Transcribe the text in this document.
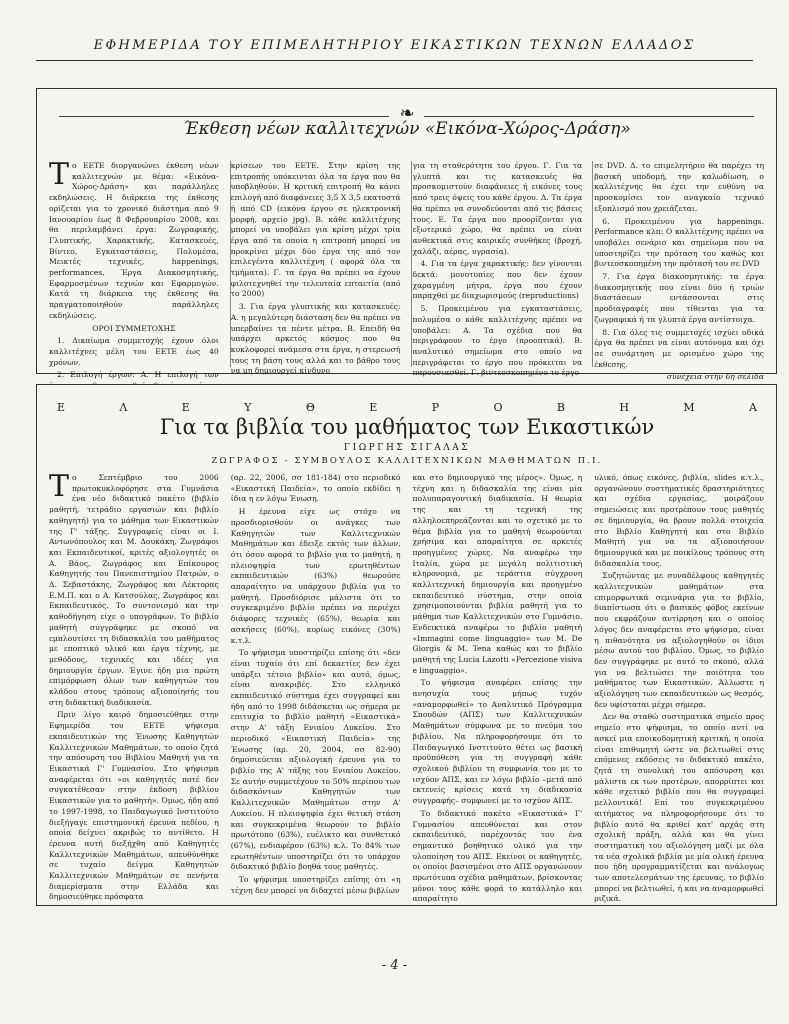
ΕΦΗΜΕΡΙΔΑ ΤΟΥ ΕΠΙΜΕΛΗΤΗΡΙΟΥ ΕΙΚΑΣΤΙΚΩΝ ΤΕΧΝΩΝ ΕΛΛΑΔΟΣ
❧
Έκθεση νέων καλλιτεχνών «Εικόνα-Χώρος-Δράση»

Το ΕΕΤΕ διοργανώνει έκθεση νέων καλλιτεχνών με θέμα: «Εικόνα-Χώρος-Δράση» και παράλληλες εκδηλώσεις. Η διάρκεια της έκθεσης ορίζεται για το χρονικό διάστημα από 9 Ιανουαρίου έως 8 Φεβρουαρίου 2008, και θα περιλαμβάνει έργα: Ζωγραφικής, Γλυπτικής, Χαρακτικής, Κατασκευές, Βίντεο, Εγκαταστάσεις, Πολυμέσα, Μεικτές τεχνικές, happenings, performances, Έργα Διακοσμητικής, Εφαρμοσμένων τεχνών και Εφαρμογών. Κατά τη διάρκεια της έκθεσης θα πραγματοποιηθούν παράλληλες εκδηλώσεις.

ΟΡΟΙ ΣΥΜΜΕΤΟΧΗΣ

1. Δικαίωμα συμμετοχής έχουν όλοι καλλιτέχνες μέλη του ΕΕΤΕ έως 40 χρόνων.

2. Επιλογή έργων: Α. Η επιλογή των

κρίσεων του ΕΕΤΕ. Στην κρίση της επιτροπής υπόκεινται όλα τα έργα που θα υποβληθούν. Η κριτική επιτροπή θα κάνει επιλογή από διαφάνειες 3,5 Χ 3,5 εκατοστά ή από CD (εικόνα έργου σε ηλεκτρονική μορφή, αρχείο jpg). Β. κάθε καλλιτέχνης μπορεί να υποβάλει για κρίση μέχρι τρία έργα από τα οποία η επιτροπή μπορεί να προκρίνει μέχρι δύο έργα της από τον επιλεγέντα καλλιτέχνη ( αφορά όλα τα τμήματα). Γ. τα έργα θα πρέπει να έχουν φιλοτεχνηθεί την τελευταία επταετία (από το 2000)

3. Για έργα γλυπτικής και κατασκευές: Α. η μεγαλύτερη διάσταση δεν θα πρέπει να υπερβαίνει τα πέντε μέτρα. Β. Επειδή θα υπάρχει αρκετός κόσμος που θα κυκλοφορεί ανάμεσα στα έργα, η στερεωσή τους τη βάση τους αλλά και το βάθρο τους να μη δημιουργεί κίνδυνο

για τη σταθερότητα του έργου. Γ. Για τα γλυπτά και τις κατασκευές θα προσκομιστούν διαφάνειες ή εικόνες τους από τρεις όψεις του κάθε έργου. Δ. Τα έργα θα πρέπει να συνοδεύονται από τις βάσεις τους. Ε. Τα έργα που προορίζονται για εξωτερικό χώρο, θα πρέπει να είναι ανθεκτικά στις καιρικές συνθήκες (βροχή, χαλάζι, αέρας, υγρασία).

4. Για τα έργα χαρακτικής: δεν γίνονται δεκτά: μονοτυπίες που δεν έχουν χαραγμένη μήτρα, έργα που έχουν παραχθεί με διαχωρισμούς (reproductions)

5. Προκειμένου για εγκαταστάσεις, πολυμέσα ο κάθε καλλιτέχνης πρέπει να υποβάλει: Α. Τα σχέδια που θα περιγράφουν το έργο (προοπτικά). Β. αναλυτικό σημείωμα στο οποίο να περιγράφεται το έργο που πρόκειται να παρουσιασθεί. Γ. βιντεοσκοπημένο το έργο

σε DVD. Δ. το επιμελητήριο θα παρέχει τη βασική υποδομή, την καλωδίωση, ο καλλιτέχνης θα έχει την ευθύνη να προσκομίσει τον αναγκαίο τεχνικό εξοπλισμό που χρειάζεται.

6. Προκειμένου για happenings. Performance κλπ: Ο καλλιτέχνης πρέπει να υποβάλει σενάριο και σημείωμα που να υποστηρίζει την πρόταση του καθώς και βιντεοσκοπημένη την πρότασή του σε DVD

7. Για έργα διακοσμητικής: τα έργα διακοσμητικής που είναι δύο ή τριών διαστάσεων εντάσσονται στις προδιαγραφές που τίθενται για τα ζωγραφικά ή τα γλυπτά έργα αντίστοιχα.

8. Για όλες τις συμμετοχές ισχύει οδικά έργα θα πρέπει να είναι αυτόνομα και όχι σε συνάρτηση με ορισμένο χώρο της έκθεσης.

συνέχεια στην 6η σελίδα

Ε	Λ	Ε	Υ	Θ	Ε	Ρ	Ο	Β	Η	Μ	Α
Για τα βιβλία του μαθήματος των Εικαστικών
ΓΙΩΡΓΗΣ ΣΙΓΑΛΑΣ
ΖΩΓΡΑΦΟΣ - ΣΥΜΒΟΥΛΟΣ ΚΑΛΛΙΤΕΧΝΙΚΩΝ ΜΑΘΗΜΑΤΩΝ Π.Ι.

Το Σεπτέμβριο του 2006 πρωτοκυκλοφόρησε στα Γυμνάσια ένα νέο διδακτικό πακέτο (βιβλίο μαθητή, τετράδιο εργασιών και βιβλίο καθηγητή) για το μάθημα των Εικαστικών της Γ' τάξης. Συγγραφείς είναι οι Ι. Αντωνόπουλος και Μ. Δουκάκη, Ζωγράφοι και Εκπαιδευτικοί, κριτές αξιολογητές οι Α. Βάος, Ζωγράφος και Επίκουρος Καθηγητής του Πανεπιστημίου Πατρών, ο Δ. Σεβαστάκης, Ζωγράφος και Λέκτορας Ε.Μ.Π. και ο Α. Κατσούλας, Ζωγράφος και Εκπαιδευτικός. Το συντονισμό και την καθοδήγηση είχε ο υπογράφων. Το βιβλίο μαθητή συγγράφηκε με σκοπό να εμπλουτίσει τη διδασκαλία του μαθήματος με εποπτικό υλικό και έργα τέχνης, με μεθόδους, τεχνικές και ιδέες για δημιουργία έργων. Έγινε ήδη μια πρώτη επιμόρφωση όλων των καθηγητών του κλάδου στους τρόπους αξιοποίησής του στη διδακτική διαδικασία.

Πριν λίγο καιρό δημοσιεύθηκε στην Εφημερίδα του ΕΕΤΕ ψήφισμα εκπαιδευτικών της Ένωσης Καθηγητών Καλλιτεχνικών Μαθημάτων, το οποίο ζητά την απόσυρση του Βιβλίου Μαθητή για τα Εικαστικά Γ' Γυμνασίου. Στο ψήφισμα αναφέρεται ότι «οι καθηγητές ποτέ δεν συγκατέθεσαν στην έκδοση βιβλίου Εικαστικών για το μαθητή». Όμως, ήδη από το 1997-1998, το Παιδαγωγικό Ινστιτούτο διεξήγαγε επιστημονική έρευνα πεδίου, η οποία δείχνει ακριβώς το αντίθετο. Η έρευνα αυτή διεξήχθη από Καθηγητές Καλλιτεχνικών Μαθημάτων, απευθύνθηκε σε τυχαίο δείγμα Καθηγητών Καλλιτεχνικών Μαθημάτων σε πενήντα διαμερίσματα στην Ελλάδα και δημοσιεύθηκε πρόσφατα

(αρ. 22, 2006, σσ 181-184) στο περιοδικό «Εικαστική Παιδεία», το οποίο εκδίδει η ίδια η εν λόγω Ένωση.

Η έρευνα είχε ως στόχο να προσδιορισθούν οι ανάγκες των Καθηγητών των Καλλιτεχνικών Μαθημάτων και έδειξε εκτός των άλλων, ότι όσον αφορά το βιβλίο για το μαθητή, η πλειοψηφία των ερωτηθέντων εκπαιδευτικών (63%) θεωρούσε απαραίτητο να υπάρχουν βιβλία για το μαθητή. Προσδιόρισε μάλιστα ότι το συγκεκριμένο βιβλίο πρέπει να περιέχει διάφορες τεχνικές (65%), θεωρία και ασκήσεις (60%), κυρίως εικόνες (30%) κ.τ.λ.

Το ψήφισμα υποστηρίζει επίσης ότι «δεν είναι τυχαίο ότι επί δεκαετίες δεν έχει υπάρξει τέτοιο βιβλίο» και αυτό, όμως, είναι ανακριβές. Στο ελληνικό εκπαιδευτικό σύστημα έχει συγγραφεί και ήδη από το 1998 διδάσκεται ως σήμερα με επιτυχία το βιβλίο μαθητή «Εικαστικά» στην Α' τάξη Ενιαίου Λυκείου. Στο περιοδικό «Εικαστική Παιδεία» της Ένωσης (αρ. 20, 2004, σσ 82-90) δημοσιεύεται αξιολογική έρευνα για το βιβλίο της Α' τάξης του Ενιαίου Λυκείου. Σε αυτήν συμμετέχουν το 50% περίπου των διδασκόντων Καθηγητών των Καλλιτεχνικών Μαθημάτων στην Α' Λυκείου. Η πλειοψηφία έχει θετική στάση και συγκεκριμένα θεωρούν το βιβλίο πρωτότυπο (63%), ευέλικτο και συνθετικό (67%), ενδιαφέρον (63%) κ.λ. Το 84% των ερωτηθέντων υποστηρίζει ότι το υπάρχον διδακτικό βιβλίο βοηθά τους μαθητές.

Το ψήφισμα υποστηρίζει επίσης ότι «η τέχνη δεν μπορεί να διδαχτεί μέσω βιβλίων

και στο δημιουργικό της μέρος». Όμως, η τέχνη και η διδασκαλία της είναι μία πολυπαραγοντική διαδικασία. Η θεωρία της και τη τεχνική της αλληλοεπηρεάζονται και το σχετικό με το θέμα βιβλία για το μαθητή θεωρούνται χρήσιμα και απαραίτητα σε αρκετές προηγμένες χώρες. Να αναφέρω την Ιταλία, χώρα με μεγάλη πολιτιστική κληρονομιά, με τεράστια σύγχρονη καλλιτεχνική δημιουργία και προηγμένο εκπαιδευτικό σύστημα, στην οποία χρησιμοποιούνται βιβλία μαθητή για το μάθημα των Καλλιτεχνικών στο Γυμνάσιο. Ενδεικτικά αναφέρω το βιβλίο μαθητή «Immagini come linguaggio» των M. De Giorgis & M. Tena καθώς και το βιβλίο μαθητή της Lucia Lazotti «Percezione visiva e linguaggio».

Το ψήφισμα αναφέρει επίσης την ανησυχία τους μήπως τυχόν «αναμορφωθεί» το Αναλυτικό Πρόγραμμα Σπουδών (ΑΠΣ) των Καλλιτεχνικών Μαθημάτων σύμφωνα με το πνεύμα του βιβλίου. Να πληροφορήσουμε ότι το Παιδαγωγικό Ινστιτούτο θέτει ως βασική προϋπόθεση για τη συγγραφή κάθε σχολικού βιβλίου τη συμφωνία του με το ισχύον ΑΠΣ, και εν λόγω βιβλίο –μετά από εκτενείς κρίσεις κατά τη διαδικασία συγγραφής– συμφωνεί με το ισχύον ΑΠΣ.

Το διδακτικό πακέτο «Εικαστικά» Γ' Γυμνασίου απευθύνεται και στον εκπαιδευτικό, παρέχοντάς του ένα σημαντικό βοηθητικό υλικό για την υλοποίηση του ΑΠΣ. Εκείνοι οι καθηγητές, οι οποίοι βασισμένοι στο ΑΠΣ οργανώνουν πρωτότυπα σχέδια μαθημάτων, βρίσκοντας μόνοι τους κάθε φορά το κατάλληλο και απαραίτητο

υλικό, όπως εικόνες, βιβλία, slides κ.τ.λ., οργανώνουν συστηματικές δραστηριότητες και σχέδια εργασίας, μοιράζουν σημειώσεις και προτρέπουν τους μαθητές σε δημιουργία, θα βρουν πολλά στοιχεία στο Βιβλίο Καθηγητή και στο Βιβλίο Μαθητή για να τα αξιοποιήσουν δημιουργικά και με ποικίλους τρόπους στη διδασκαλία τους.

Συζητώντας με συναδέλφους καθηγητές καλλιτεχνικών μαθημάτων στα επιμορφωτικά σεμινάρια για το βιβλίο, διαπίστωσα ότι ο βασικός φόβος εκείνων που εκφράζουν αντίρρηση και ο οποίος λόγος δεν αναφέρεται στο ψήφισμα, είναι η πιθανότητα να αξιολογηθούν οι ίδιοι μέσω αυτού του βιβλίου. Όμως, το βιβλίο δεν συγγράφηκε με αυτό το σκοπό, αλλά για να βελτιώσει την ποιότητα του μαθήματος των Εικαστικών. Άλλωστε η αξιολόγηση των εκπαιδευτικών ως θεσμός, δεν υφίσταται μέχρι σήμερα.

Δεν θα σταθώ συστηματικά σημείο προς σημείο στο ψήφισμα, το οποίο αντί να ασκεί μια εποικοδομητική κριτική, η οποία είναι επιθυμητή ώστε να βελτιωθεί στις επόμενες εκδόσεις το διδακτικό πακέτο, ζητά τη συνολική του απόσυρση και μάλιστα εκ των προτέρων, απορρίπτει και κάθε σχετικό βιβλίο που θα συγγραφεί μελλοντικά! Επί του συγκεκριμένου αιτήματος να πληροφορήσουμε ότι το βιβλίο αυτό θα κριθεί κατ' αρχάς στη σχολική πράξη, αλλά και θα γίνει συστηματική του αξιολόγηση μαζί με όλα τα νέα σχολικά βιβλία με μία ολική έρευνα που ήδη προγραμματίζεται και ανάλογως των αποτελεσμάτων της έρευνας, το βιβλίο μπορεί να βελτιωθεί, ή και να αναμορφωθεί ριζικά.

- 4 -
